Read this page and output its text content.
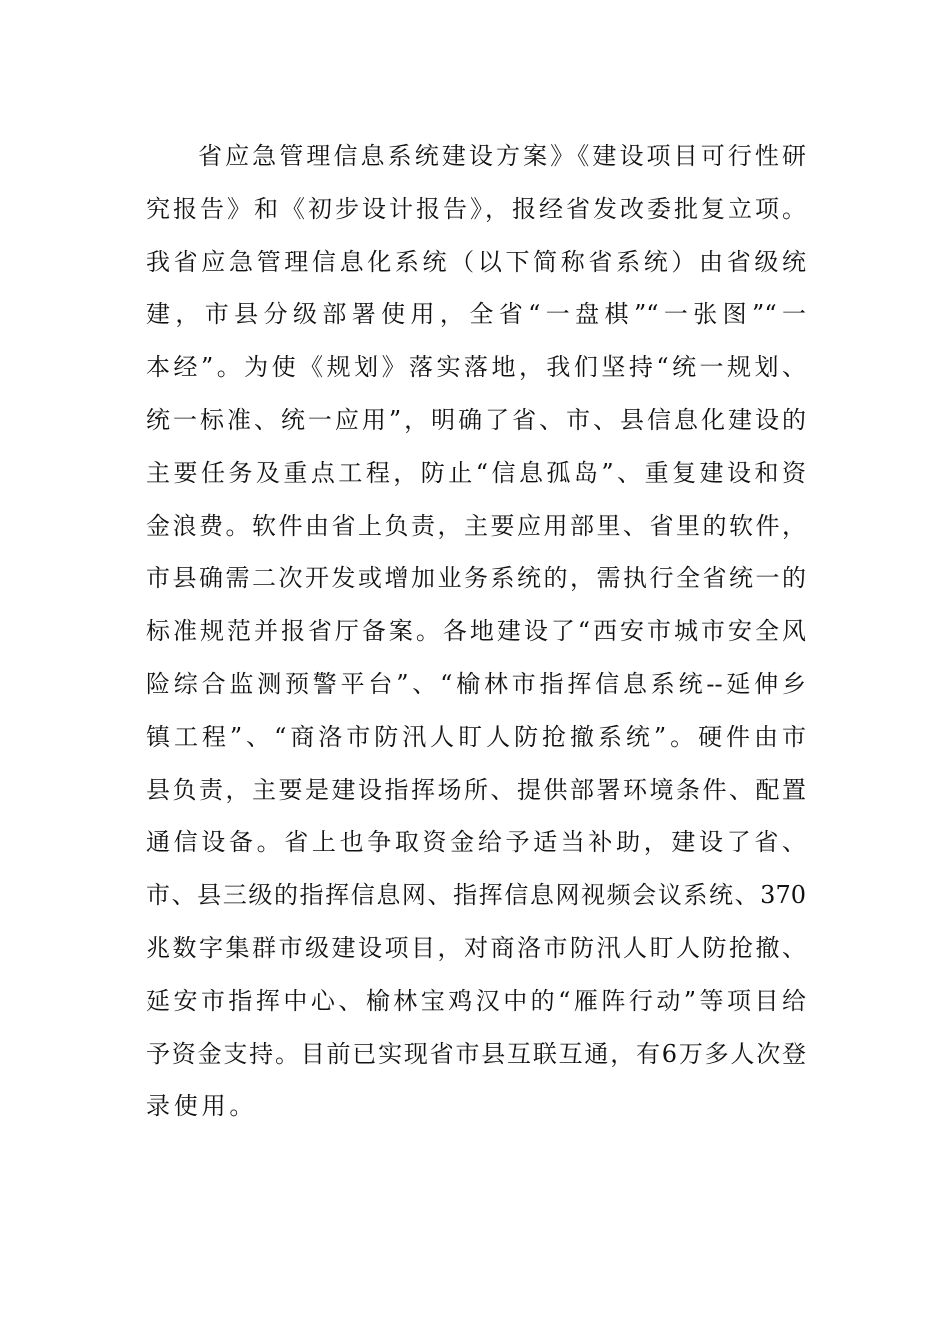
省应急管理信息系统建设方案》《建设项目可行性研
究报告》和《初步设计报告》，报经省发改委批复立项。
我省应急管理信息化系统（以下简称省系统）由省级统
建，市县分级部署使用，全省“一盘棋”“一张图”“一
本经”。为使《规划》落实落地，我们坚持“统一规划、
统一标准、统一应用”，明确了省、市、县信息化建设的
主要任务及重点工程，防止“信息孤岛”、重复建设和资
金浪费。软件由省上负责，主要应用部里、省里的软件，
市县确需二次开发或增加业务系统的，需执行全省统一的
标准规范并报省厅备案。各地建设了“西安市城市安全风
险综合监测预警平台”、“榆林市指挥信息系统--延伸乡
镇工程”、“商洛市防汛人盯人防抢撤系统”。硬件由市
县负责，主要是建设指挥场所、提供部署环境条件、配置
通信设备。省上也争取资金给予适当补助，建设了省、
市、县三级的指挥信息网、指挥信息网视频会议系统、370
兆数字集群市级建设项目，对商洛市防汛人盯人防抢撤、
延安市指挥中心、榆林宝鸡汉中的“雁阵行动”等项目给
予资金支持。目前已实现省市县互联互通，有6万多人次登
录使用。
